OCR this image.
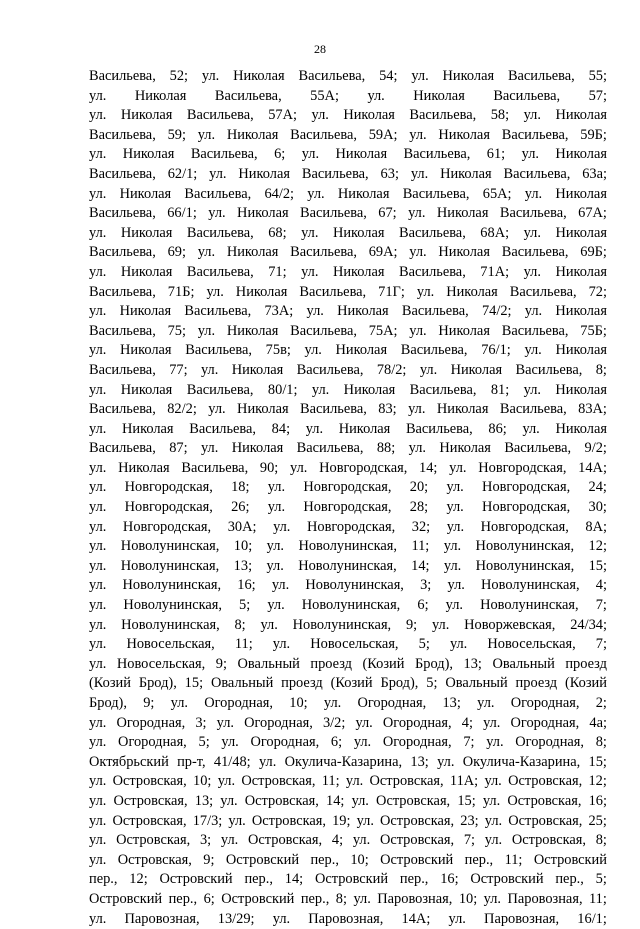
28
Васильева, 52; ул. Николая Васильева, 54; ул. Николая Васильева, 55;
ул. Николая Васильева, 55А; ул. Николая Васильева, 57;
ул. Николая Васильева, 57А; ул. Николая Васильева, 58; ул. Николая
Васильева, 59; ул. Николая Васильева, 59А; ул. Николая Васильева, 59Б;
ул. Николая Васильева, 6; ул. Николая Васильева, 61; ул. Николая
Васильева, 62/1; ул. Николая Васильева, 63; ул. Николая Васильева, 63а;
ул. Николая Васильева, 64/2; ул. Николая Васильева, 65А; ул. Николая
Васильева, 66/1; ул. Николая Васильева, 67; ул. Николая Васильева, 67А;
ул. Николая Васильева, 68; ул. Николая Васильева, 68А; ул. Николая
Васильева, 69; ул. Николая Васильева, 69А; ул. Николая Васильева, 69Б;
ул. Николая Васильева, 71; ул. Николая Васильева, 71А; ул. Николая
Васильева, 71Б; ул. Николая Васильева, 71Г; ул. Николая Васильева, 72;
ул. Николая Васильева, 73А; ул. Николая Васильева, 74/2; ул. Николая
Васильева, 75; ул. Николая Васильева, 75А; ул. Николая Васильева, 75Б;
ул. Николая Васильева, 75в; ул. Николая Васильева, 76/1; ул. Николая
Васильева, 77; ул. Николая Васильева, 78/2; ул. Николая Васильева, 8;
ул. Николая Васильева, 80/1; ул. Николая Васильева, 81; ул. Николая
Васильева, 82/2; ул. Николая Васильева, 83; ул. Николая Васильева, 83А;
ул. Николая Васильева, 84; ул. Николая Васильева, 86; ул. Николая
Васильева, 87; ул. Николая Васильева, 88; ул. Николая Васильева, 9/2;
ул. Николая Васильева, 90; ул. Новгородская, 14; ул. Новгородская, 14А;
ул. Новгородская, 18; ул. Новгородская, 20; ул. Новгородская, 24;
ул. Новгородская, 26; ул. Новгородская, 28; ул. Новгородская, 30;
ул. Новгородская, 30А; ул. Новгородская, 32; ул. Новгородская, 8А;
ул. Новолунинская, 10; ул. Новолунинская, 11; ул. Новолунинская, 12;
ул. Новолунинская, 13; ул. Новолунинская, 14; ул. Новолунинская, 15;
ул. Новолунинская, 16; ул. Новолунинская, 3; ул. Новолунинская, 4;
ул. Новолунинская, 5; ул. Новолунинская, 6; ул. Новолунинская, 7;
ул. Новолунинская, 8; ул. Новолунинская, 9; ул. Новоржевская, 24/34;
ул. Новосельская, 11; ул. Новосельская, 5; ул. Новосельская, 7;
ул. Новосельская, 9; Овальный проезд (Козий Брод), 13; Овальный проезд
(Козий Брод), 15; Овальный проезд (Козий Брод), 5; Овальный проезд (Козий
Брод), 9; ул. Огородная, 10; ул. Огородная, 13; ул. Огородная, 2;
ул. Огородная, 3; ул. Огородная, 3/2; ул. Огородная, 4; ул. Огородная, 4а;
ул. Огородная, 5; ул. Огородная, 6; ул. Огородная, 7; ул. Огородная, 8;
Октябрьский пр-т, 41/48; ул. Окулича-Казарина, 13; ул. Окулича-Казарина, 15;
ул. Островская, 10; ул. Островская, 11; ул. Островская, 11А; ул. Островская, 12;
ул. Островская, 13; ул. Островская, 14; ул. Островская, 15; ул. Островская, 16;
ул. Островская, 17/3; ул. Островская, 19; ул. Островская, 23; ул. Островская, 25;
ул. Островская, 3; ул. Островская, 4; ул. Островская, 7; ул. Островская, 8;
ул. Островская, 9; Островский пер., 10; Островский пер., 11; Островский
пер., 12; Островский пер., 14; Островский пер., 16; Островский пер., 5;
Островский пер., 6; Островский пер., 8; ул. Паровозная, 10; ул. Паровозная, 11;
ул. Паровозная, 13/29; ул. Паровозная, 14А; ул. Паровозная, 16/1;
